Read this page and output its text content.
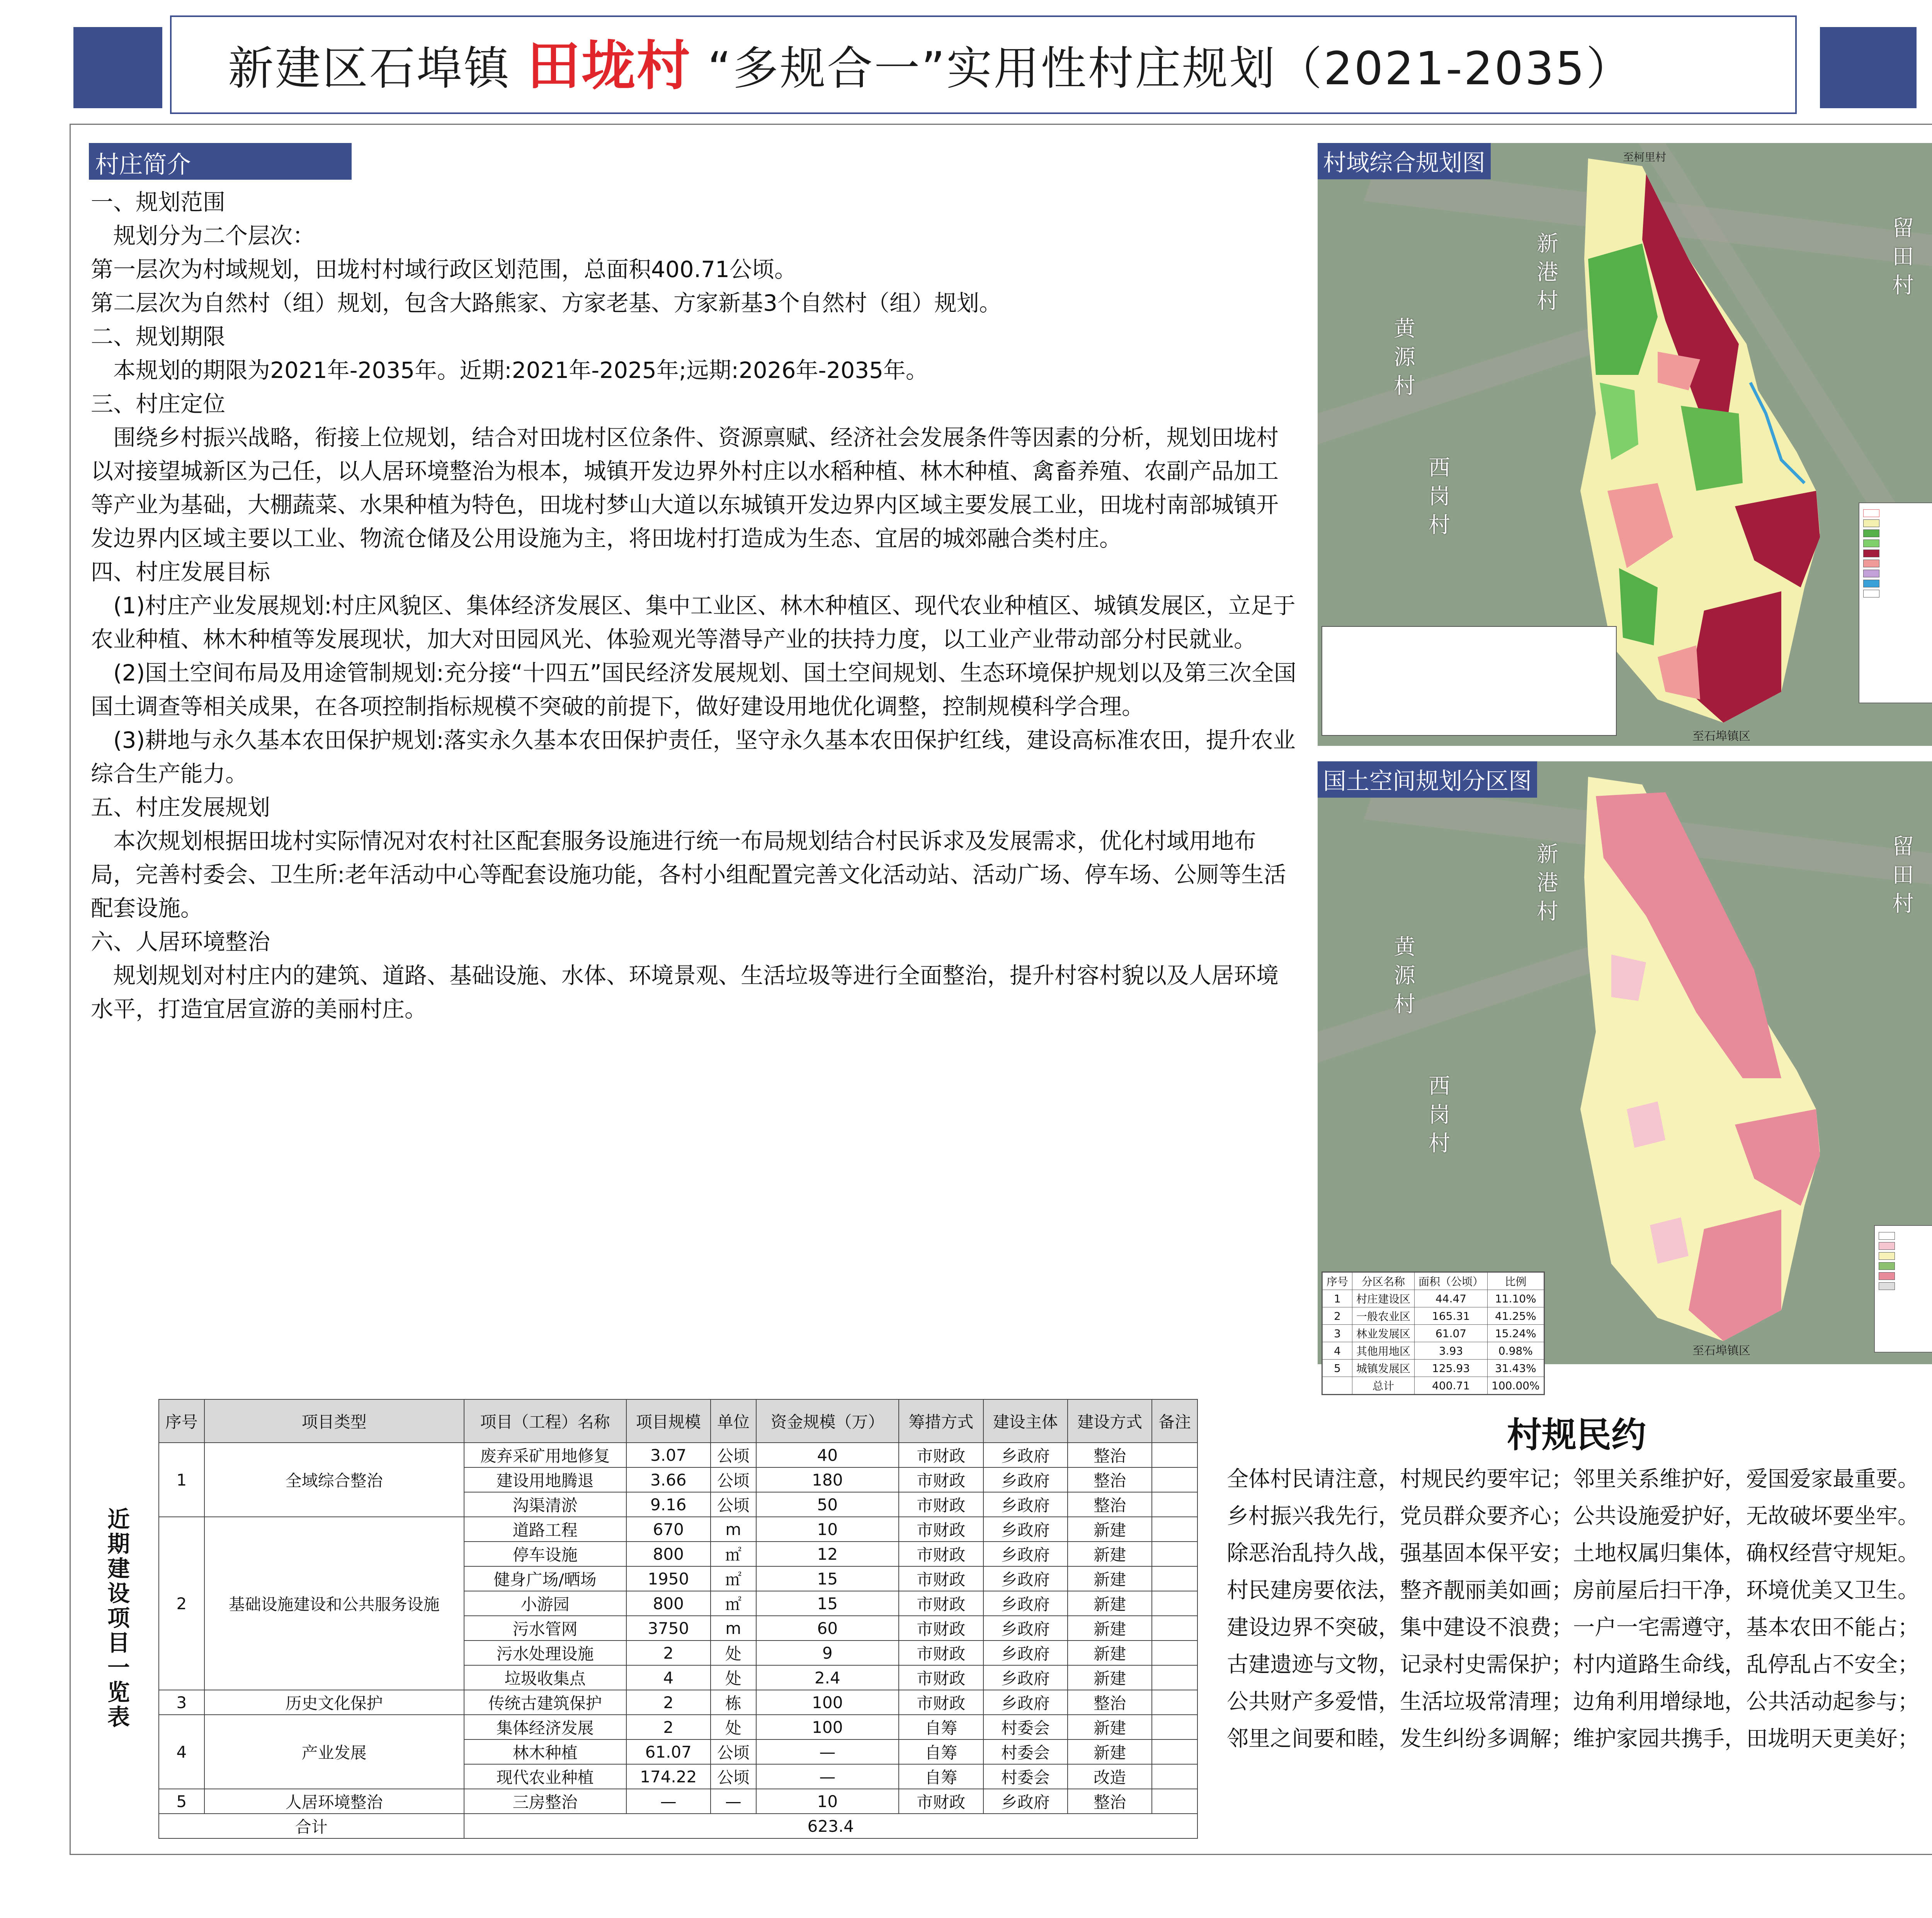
新建区石埠镇 田垅村 “多规合一”实用性村庄规划（2021-2035）
村庄简介

一、规划范围

　规划分为二个层次：

第一层次为村域规划，田垅村村域行政区划范围，总面积400.71公顷。

第二层次为自然村（组）规划，包含大路熊家、方家老基、方家新基3个自然村（组）规划。

二、规划期限

　本规划的期限为2021年-2035年。近期:2021年-2025年;远期:2026年-2035年。

三、村庄定位

　围绕乡村振兴战略，衔接上位规划，结合对田垅村区位条件、资源禀赋、经济社会发展条件等因素的分析，规划田垅村以对接望城新区为己任，以人居环境整治为根本，城镇开发边界外村庄以水稻种植、林木种植、禽畜养殖、农副产品加工等产业为基础，大棚蔬菜、水果种植为特色，田垅村梦山大道以东城镇开发边界内区域主要发展工业，田垅村南部城镇开发边界内区域主要以工业、物流仓储及公用设施为主，将田垅村打造成为生态、宜居的城郊融合类村庄。

四、村庄发展目标

　(1)村庄产业发展规划:村庄风貌区、集体经济发展区、集中工业区、林木种植区、现代农业种植区、城镇发展区，立足于农业种植、林木种植等发展现状，加大对田园风光、体验观光等潜导产业的扶持力度，以工业产业带动部分村民就业。

　(2)国土空间布局及用途管制规划:充分接“十四五”国民经济发展规划、国土空间规划、生态环境保护规划以及第三次全国国土调查等相关成果，在各项控制指标规模不突破的前提下，做好建设用地优化调整，控制规模科学合理。

　(3)耕地与永久基本农田保护规划:落实永久基本农田保护责任，坚守永久基本农田保护红线，建设高标准农田，提升农业综合生产能力。

五、村庄发展规划

　本次规划根据田垅村实际情况对农村社区配套服务设施进行统一布局规划结合村民诉求及发展需求，优化村域用地布局，完善村委会、卫生所:老年活动中心等配套设施功能，各村小组配置完善文化活动站、活动广场、停车场、公厕等生活配套设施。

六、人居环境整治

　规划规划对村庄内的建筑、道路、基础设施、水体、环境景观、生活垃圾等进行全面整治，提升村容村貌以及人居环境水平，打造宜居宣游的美丽村庄。

村域综合规划图	至柯里村
至石埠镇区
新港村
黄源村
西岗村
留田村
序号	分区名称	面积（公顷）	比例
1	村庄建设区	44.47	11.10%
2	一般农业区	165.31	41.25%
3	林业发展区	61.07	15.24%
4	其他用地区	3.93	0.98%
5	城镇发展区	125.93	31.43%
	总计	400.71	100.00%
国土空间规划分区图
新港村
黄源村
西岗村
留田村
至石埠镇区
近期建设项目一览表
序号	项目类型	项目（工程）名称	项目规模	单位	资金规模（万）	筹措方式	建设主体	建设方式	备注
1	全域综合整治	废弃采矿用地修复	3.07	公顷	40	市财政	乡政府	整治	
		建设用地腾退	3.66	公顷	180	市财政	乡政府	整治	
		沟渠清淤	9.16	公顷	50	市财政	乡政府	整治	
2	基础设施建设和公共服务设施	道路工程	670	m	10	市财政	乡政府	新建	
		停车设施	800	㎡	12	市财政	乡政府	新建	
		健身广场/晒场	1950	㎡	15	市财政	乡政府	新建	
		小游园	800	㎡	15	市财政	乡政府	新建	
		污水管网	3750	m	60	市财政	乡政府	新建	
		污水处理设施	2	处	9	市财政	乡政府	新建	
		垃圾收集点	4	处	2.4	市财政	乡政府	新建	
3	历史文化保护	传统古建筑保护	2	栋	100	市财政	乡政府	整治	
4	产业发展	集体经济发展	2	处	100	自筹	村委会	新建	
		林木种植	61.07	公顷	—	自筹	村委会	新建	
		现代农业种植	174.22	公顷	—	自筹	村委会	改造	
5	人居环境整治	三房整治	—	—	10	市财政	乡政府	整治	
合计		623.4							
村规民约
全体村民请注意，村规民约要牢记；邻里关系维护好，爱国爱家最重要。
乡村振兴我先行，党员群众要齐心；公共设施爱护好，无故破坏要坐牢。
除恶治乱持久战，强基固本保平安；土地权属归集体，确权经营守规矩。
村民建房要依法，整齐靓丽美如画；房前屋后扫干净，环境优美又卫生。
建设边界不突破，集中建设不浪费；一户一宅需遵守，基本农田不能占；
古建遗迹与文物，记录村史需保护；村内道路生命线，乱停乱占不安全；
公共财产多爱惜，生活垃圾常清理；边角利用增绿地，公共活动起参与；
邻里之间要和睦，发生纠纷多调解；维护家园共携手，田垅明天更美好；
